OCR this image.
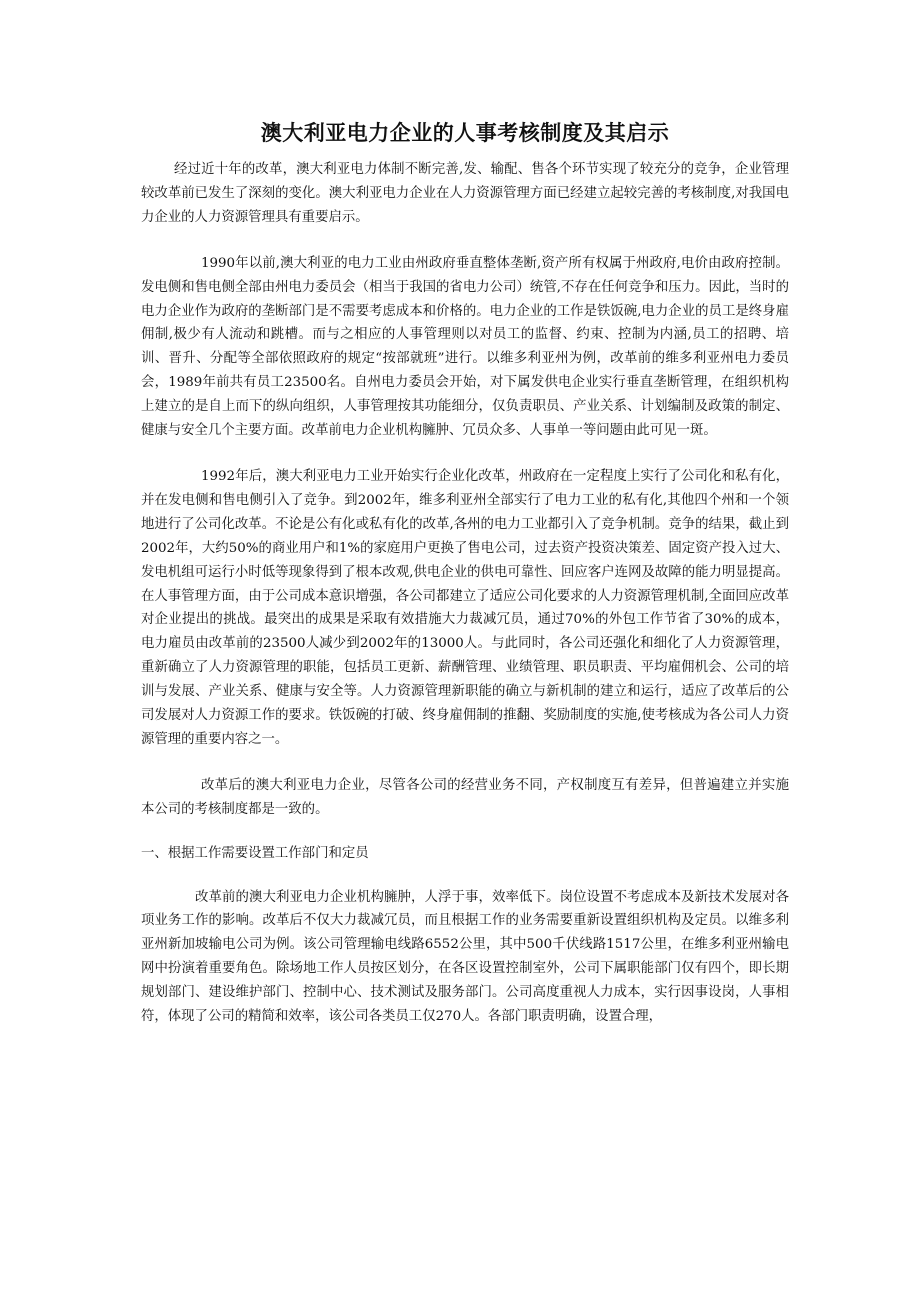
澳大利亚电力企业的人事考核制度及其启示

经过近十年的改革，澳大利亚电力体制不断完善,发、输配、售各个环节实现了较充分的竞争，企业管理较改革前已发生了深刻的变化。澳大利亚电力企业在人力资源管理方面已经建立起较完善的考核制度,对我国电力企业的人力资源管理具有重要启示。

1990年以前,澳大利亚的电力工业由州政府垂直整体垄断,资产所有权属于州政府,电价由政府控制。发电侧和售电侧全部由州电力委员会（相当于我国的省电力公司）统管,不存在任何竞争和压力。因此，当时的电力企业作为政府的垄断部门是不需要考虑成本和价格的。电力企业的工作是铁饭碗,电力企业的员工是终身雇佣制,极少有人流动和跳槽。而与之相应的人事管理则以对员工的监督、约束、控制为内涵,员工的招聘、培训、晋升、分配等全部依照政府的规定“按部就班”进行。以维多利亚州为例，改革前的维多利亚州电力委员会，1989年前共有员工23500名。自州电力委员会开始，对下属发供电企业实行垂直垄断管理，在组织机构上建立的是自上而下的纵向组织，人事管理按其功能细分，仅负责职员、产业关系、计划编制及政策的制定、健康与安全几个主要方面。改革前电力企业机构臃肿、冗员众多、人事单一等问题由此可见一斑。

1992年后，澳大利亚电力工业开始实行企业化改革，州政府在一定程度上实行了公司化和私有化，并在发电侧和售电侧引入了竞争。到2002年，维多利亚州全部实行了电力工业的私有化,其他四个州和一个领地进行了公司化改革。不论是公有化或私有化的改革,各州的电力工业都引入了竞争机制。竞争的结果，截止到2002年，大约50%的商业用户和1%的家庭用户更换了售电公司，过去资产投资决策差、固定资产投入过大、发电机组可运行小时低等现象得到了根本改观,供电企业的供电可靠性、回应客户连网及故障的能力明显提高。在人事管理方面，由于公司成本意识增强，各公司都建立了适应公司化要求的人力资源管理机制,全面回应改革对企业提出的挑战。最突出的成果是采取有效措施大力裁减冗员，通过70%的外包工作节省了30%的成本，电力雇员由改革前的23500人减少到2002年的13000人。与此同时，各公司还强化和细化了人力资源管理，重新确立了人力资源管理的职能，包括员工更新、薪酬管理、业绩管理、职员职责、平均雇佣机会、公司的培训与发展、产业关系、健康与安全等。人力资源管理新职能的确立与新机制的建立和运行，适应了改革后的公司发展对人力资源工作的要求。铁饭碗的打破、终身雇佣制的推翻、奖励制度的实施,使考核成为各公司人力资源管理的重要内容之一。

改革后的澳大利亚电力企业，尽管各公司的经营业务不同，产权制度互有差异，但普遍建立并实施本公司的考核制度都是一致的。

一、根据工作需要设置工作部门和定员

改革前的澳大利亚电力企业机构臃肿，人浮于事，效率低下。岗位设置不考虑成本及新技术发展对各项业务工作的影响。改革后不仅大力裁减冗员，而且根据工作的业务需要重新设置组织机构及定员。以维多利亚州新加坡输电公司为例。该公司管理输电线路6552公里，其中500千伏线路1517公里，在维多利亚州输电网中扮演着重要角色。除场地工作人员按区划分，在各区设置控制室外，公司下属职能部门仅有四个，即长期规划部门、建设维护部门、控制中心、技术测试及服务部门。公司高度重视人力成本，实行因事设岗，人事相符，体现了公司的精简和效率，该公司各类员工仅270人。各部门职责明确，设置合理，
